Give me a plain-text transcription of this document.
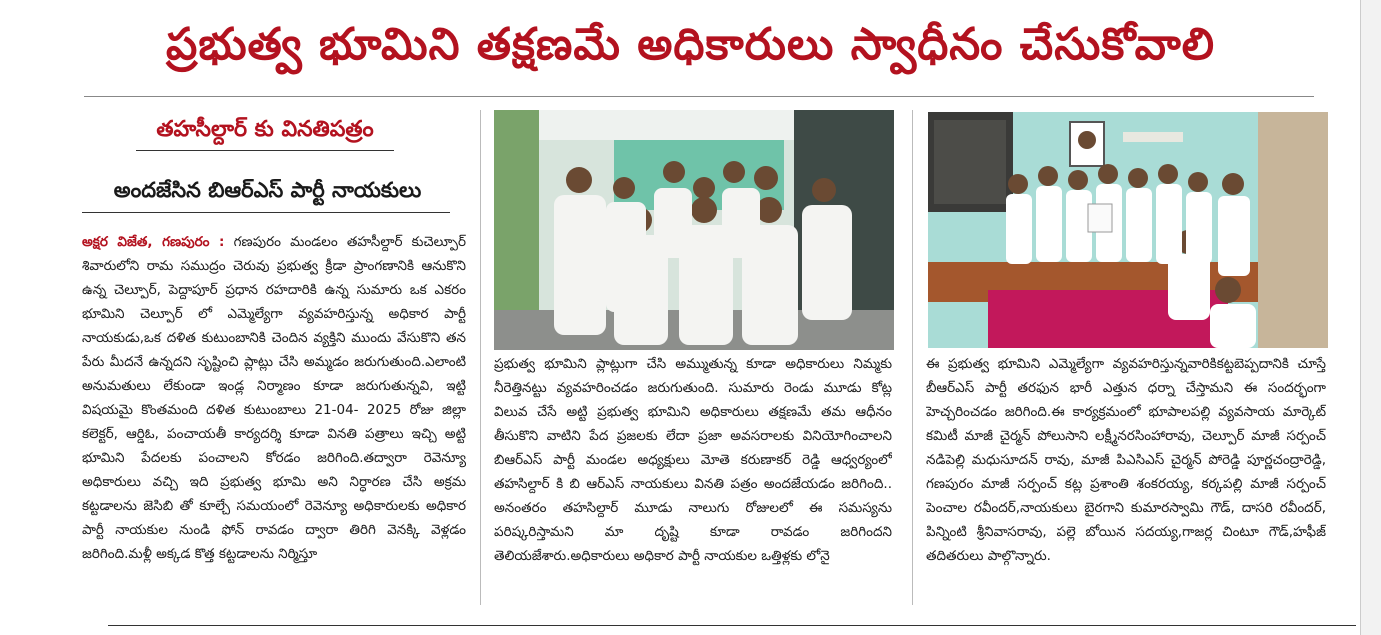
ప్రభుత్వ భూమిని తక్షణమే అధికారులు స్వాధీనం చేసుకోవాలి
తహసీల్దార్ కు వినతిపత్రం
అందజేసిన బిఆర్ఎస్ పార్టీ నాయకులు

అక్షర విజేత, గణపురం : గణపురం మండలం తహసీల్దార్ కుచెల్పూర్ శివారులోని రామ సముద్రం చెరువు ప్రభుత్వ క్రీడా ప్రాంగణానికి ఆనుకొని ఉన్న చెల్పూర్, పెద్దాపూర్ ప్రధాన రహదారికి ఉన్న సుమారు ఒక ఎకరం భూమిని చెల్పూర్ లో ఎమ్మెల్యేగా వ్యవహరిస్తున్న అధికార పార్టీ నాయకుడు,ఒక దళిత కుటుంబానికి చెందిన వ్యక్తిని ముందు వేసుకొని తన పేరు మీదనే ఉన్నదని సృష్టించి ప్లాట్లు చేసి అమ్మడం జరుగుతుంది.ఎలాంటి అనుమతులు లేకుండా ఇండ్ల నిర్మాణం కూడా జరుగుతున్నవి, ఇట్టి విషయమై కొంతమంది దళిత కుటుంబాలు 21-04- 2025 రోజు జిల్లా కలెక్టర్, ఆర్డిఓ, పంచాయతీ కార్యదర్శి కూడా వినతి పత్రాలు ఇచ్చి అట్టి భూమిని పేదలకు పంచాలని కోరడం జరిగింది.తద్వారా రెవెన్యూ అధికారులు వచ్చి ఇది ప్రభుత్వ భూమి అని నిర్ధారణ చేసి అక్రమ కట్టడాలను జెసిబి తో కూల్చే సమయంలో రెవెన్యూ అధికారులకు అధికార పార్టీ నాయకుల నుండి ఫోన్ రావడం ద్వారా తిరిగి వెనక్కి వెళ్లడం జరిగింది.మళ్లీ అక్కడ కొత్త కట్టడాలను నిర్మిస్తూ

ప్రభుత్వ భూమిని ప్లాట్లుగా చేసి అమ్ముతున్న కూడా అధికారులు నిమ్మకు నీరెత్తినట్టు వ్యవహరించడం జరుగుతుంది. సుమారు రెండు మూడు కోట్ల విలువ చేసే అట్టి ప్రభుత్వ భూమిని అధికారులు తక్షణమే తమ ఆధీనం తీసుకొని వాటిని పేద ప్రజలకు లేదా ప్రజా అవసరాలకు వినియోగించాలని బిఆర్ఎస్ పార్టీ మండల అధ్యక్షులు మోతె కరుణాకర్ రెడ్డి ఆధ్వర్యంలో తహసిల్దార్ కి బి ఆర్ఎస్ నాయకులు వినతి పత్రం అందజేయడం జరిగింది.. అనంతరం తహసిల్దార్ మూడు నాలుగు రోజులలో ఈ సమస్యను పరిష్కరిస్తామని మా దృష్టి కూడా రావడం జరిగిందని తెలియజేశారు.అధికారులు అధికార పార్టీ నాయకుల ఒత్తిళ్లకు లోనై

ఈ ప్రభుత్వ భూమిని ఎమ్మెల్యేగా వ్యవహరిస్తున్నవారికికట్టబెప్పదానికి చూస్తే బీఆర్ఎస్ పార్టీ తరఫున భారీ ఎత్తున ధర్నా చేస్తామని ఈ సందర్భంగా హెచ్చరించడం జరిగింది.ఈ కార్యక్రమంలో భూపాలపల్లి వ్యవసాయ మార్కెట్ కమిటీ మాజీ చైర్మన్ పోలుసాని లక్ష్మీనరసింహారావు, చెల్పూర్ మాజీ సర్పంచ్ నడిపెల్లి మధుసూదన్ రావు, మాజీ పిఎసిఎస్ చైర్మన్ పోరెడ్డి పూర్ణచంద్రారెడ్డి, గణపురం మాజీ సర్పంచ్ కట్ల ప్రశాంతి శంకరయ్య, కర్కపల్లి మాజీ సర్పంచ్ పెంచాల రవీందర్,నాయకులు బైరగాని కుమారస్వామి గౌడ్, దాసరి రవీందర్, పిన్నింటి శ్రీనివాసరావు, పల్లె బోయిన సదయ్య,గాజర్ల చింటూ గౌడ్,హఫీజ్ తదితరులు పాల్గొన్నారు.
